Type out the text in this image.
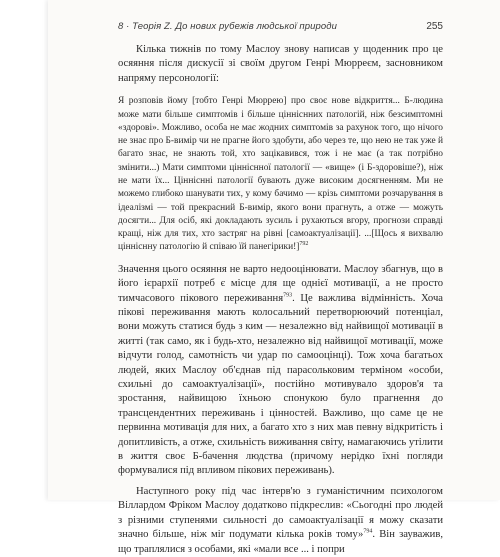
8 · Теорія Z. До нових рубежів людської природи	255

Кілька тижнів по тому Маслоу знову написав у щоденник про це осяяння після дискусії зі своїм другом Генрі Мюрреєм, засновником напряму персонології:

Я розповів йому [тобто Генрі Мюррею] про своє нове відкриття... Б-людина може мати більше симптомів і більше цінніснних патологій, ніж безсимптомні «здорові». Можливо, особа не має жодних симптомів за рахунок того, що нічого не знає про Б-вимір чи не прагне його здобути, або через те, що нею не так уже й багато знає, не знають той, хто зацікавився, тож і не має (а так потрібно змінити...) Мати симптоми цінніснної патології — «вище» (і Б-здоровіше?), ніж не мати їх... Цінніснні патології бувають дуже високим досягненням. Ми не можемо глибоко шанувати тих, у кому бачимо — крізь симптоми розчарування в ідеалізмі — той прекрасний Б-вимір, якого вони прагнуть, а отже — можуть досягти... Для осіб, які докладають зусиль і рухаються вгору, прогнози справді кращі, ніж для тих, хто застряг на рівні [самоактуалізації]. ...[Щось я вихвалю цінніснну патологію й співаю їй панегірики!]$^{792}$

Значення цього осяяння не варто недооцінювати. Маслоу збагнув, що в його ієрархії потреб є місце для ще однієї мотивації, а не просто тимчасового пікового переживання$^{793}$. Це важлива відмінність. Хоча пікові переживання мають колосальний перетворюючий потенціал, вони можуть статися будь з ким — незалежно від найвищої мотивації в житті (так само, як і будь-хто, незалежно від найвищої мотивації, може відчути голод, самотність чи удар по самооцінці). Тож хоча багатьох людей, яких Маслоу об'єднав під парасольковим терміном «особи, схильні до самоактуалізації», постійно мотивувало здоров'я та зростання, найвищою їхньою спонукою було прагнення до трансцендентних переживань і цінностей. Важливо, що саме це не первинна мотивація для них, а багато хто з них мав певну відкритість і допитливість, а отже, схильність виживання світу, намагаючись утілити в життя своє Б-бачення людства (причому нерідко їхні погляди формувалися під впливом пікових переживань).

Наступного року під час інтерв'ю з гуманістичним психологом Віллардом Фріком Маслоу додатково підкреслив: «Сьогодні про людей з різними ступенями сильності до самоактуалізації я можу сказати значно більше, ніж міг подумати кілька років тому»$^{794}$. Він зауважив, що траплялися з особами, які «мали все ... і попри
